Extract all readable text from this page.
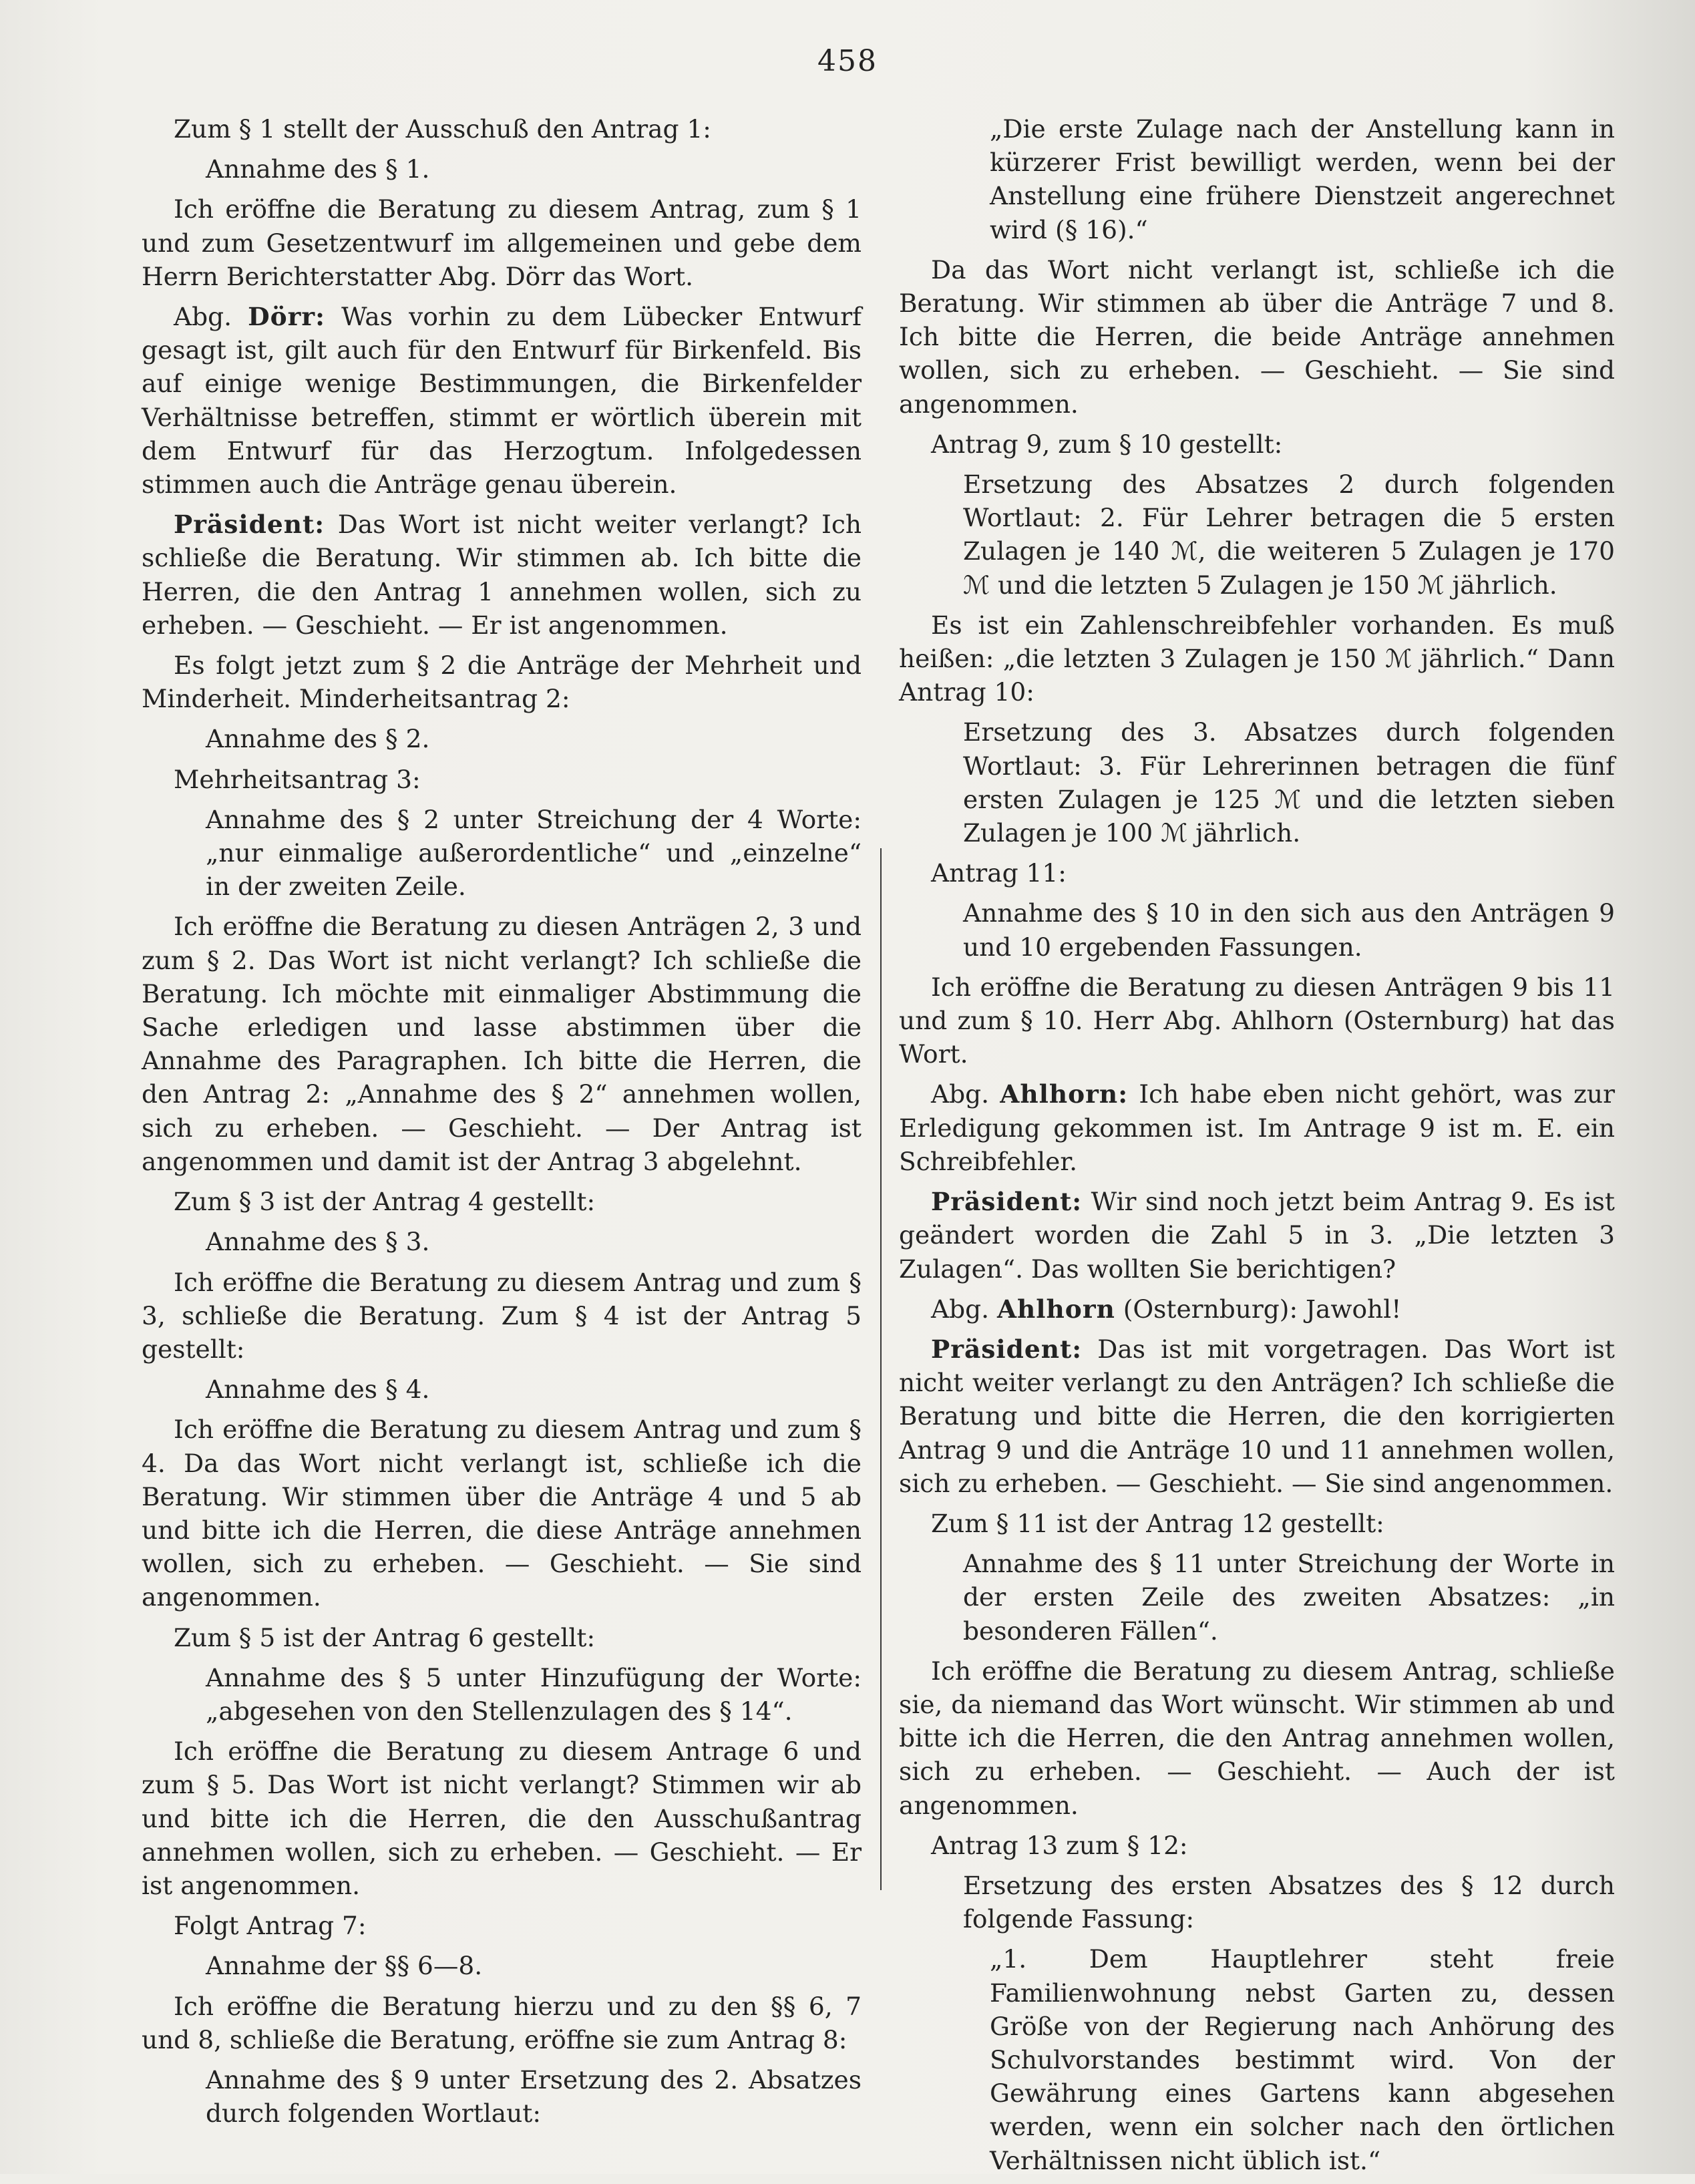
458

Zum § 1 stellt der Ausschuß den Antrag 1:

Annahme des § 1.

Ich eröffne die Beratung zu diesem Antrag, zum § 1 und zum Gesetzentwurf im allgemeinen und gebe dem Herrn Berichterstatter Abg. Dörr das Wort.

Abg. Dörr: Was vorhin zu dem Lübecker Entwurf gesagt ist, gilt auch für den Entwurf für Birkenfeld. Bis auf einige wenige Bestimmungen, die Birkenfelder Verhältnisse betreffen, stimmt er wörtlich überein mit dem Entwurf für das Herzogtum. Infolgedessen stimmen auch die Anträge genau überein.

Präsident: Das Wort ist nicht weiter verlangt? Ich schließe die Beratung. Wir stimmen ab. Ich bitte die Herren, die den Antrag 1 annehmen wollen, sich zu erheben. — Geschieht. — Er ist angenommen.

Es folgt jetzt zum § 2 die Anträge der Mehrheit und Minderheit. Minderheitsantrag 2:

Annahme des § 2.

Mehrheitsantrag 3:

Annahme des § 2 unter Streichung der 4 Worte: „nur einmalige außerordentliche“ und „einzelne“ in der zweiten Zeile.

Ich eröffne die Beratung zu diesen Anträgen 2, 3 und zum § 2. Das Wort ist nicht verlangt? Ich schließe die Beratung. Ich möchte mit einmaliger Abstimmung die Sache erledigen und lasse abstimmen über die Annahme des Paragraphen. Ich bitte die Herren, die den Antrag 2: „Annahme des § 2“ annehmen wollen, sich zu erheben. — Geschieht. — Der Antrag ist angenommen und damit ist der Antrag 3 abgelehnt.

Zum § 3 ist der Antrag 4 gestellt:

Annahme des § 3.

Ich eröffne die Beratung zu diesem Antrag und zum § 3, schließe die Beratung. Zum § 4 ist der Antrag 5 gestellt:

Annahme des § 4.

Ich eröffne die Beratung zu diesem Antrag und zum § 4. Da das Wort nicht verlangt ist, schließe ich die Beratung. Wir stimmen über die Anträge 4 und 5 ab und bitte ich die Herren, die diese Anträge annehmen wollen, sich zu erheben. — Geschieht. — Sie sind angenommen.

Zum § 5 ist der Antrag 6 gestellt:

Annahme des § 5 unter Hinzufügung der Worte: „abgesehen von den Stellenzulagen des § 14“.

Ich eröffne die Beratung zu diesem Antrage 6 und zum § 5. Das Wort ist nicht verlangt? Stimmen wir ab und bitte ich die Herren, die den Ausschußantrag annehmen wollen, sich zu erheben. — Geschieht. — Er ist angenommen.

Folgt Antrag 7:

Annahme der §§ 6—8.

Ich eröffne die Beratung hierzu und zu den §§ 6, 7 und 8, schließe die Beratung, eröffne sie zum Antrag 8:

Annahme des § 9 unter Ersetzung des 2. Absatzes durch folgenden Wortlaut:

„Die erste Zulage nach der Anstellung kann in kürzerer Frist bewilligt werden, wenn bei der Anstellung eine frühere Dienstzeit angerechnet wird (§ 16).“

Da das Wort nicht verlangt ist, schließe ich die Beratung. Wir stimmen ab über die Anträge 7 und 8. Ich bitte die Herren, die beide Anträge annehmen wollen, sich zu erheben. — Geschieht. — Sie sind angenommen.

Antrag 9, zum § 10 gestellt:

Ersetzung des Absatzes 2 durch folgenden Wortlaut: 2. Für Lehrer betragen die 5 ersten Zulagen je 140 ℳ, die weiteren 5 Zulagen je 170 ℳ und die letzten 5 Zulagen je 150 ℳ jährlich.

Es ist ein Zahlenschreibfehler vorhanden. Es muß heißen: „die letzten 3 Zulagen je 150 ℳ jährlich.“ Dann Antrag 10:

Ersetzung des 3. Absatzes durch folgenden Wortlaut: 3. Für Lehrerinnen betragen die fünf ersten Zulagen je 125 ℳ und die letzten sieben Zulagen je 100 ℳ jährlich.

Antrag 11:

Annahme des § 10 in den sich aus den Anträgen 9 und 10 ergebenden Fassungen.

Ich eröffne die Beratung zu diesen Anträgen 9 bis 11 und zum § 10. Herr Abg. Ahlhorn (Osternburg) hat das Wort.

Abg. Ahlhorn: Ich habe eben nicht gehört, was zur Erledigung gekommen ist. Im Antrage 9 ist m. E. ein Schreibfehler.

Präsident: Wir sind noch jetzt beim Antrag 9. Es ist geändert worden die Zahl 5 in 3. „Die letzten 3 Zulagen“. Das wollten Sie berichtigen?

Abg. Ahlhorn (Osternburg): Jawohl!

Präsident: Das ist mit vorgetragen. Das Wort ist nicht weiter verlangt zu den Anträgen? Ich schließe die Beratung und bitte die Herren, die den korrigierten Antrag 9 und die Anträge 10 und 11 annehmen wollen, sich zu erheben. — Geschieht. — Sie sind angenommen.

Zum § 11 ist der Antrag 12 gestellt:

Annahme des § 11 unter Streichung der Worte in der ersten Zeile des zweiten Absatzes: „in besonderen Fällen“.

Ich eröffne die Beratung zu diesem Antrag, schließe sie, da niemand das Wort wünscht. Wir stimmen ab und bitte ich die Herren, die den Antrag annehmen wollen, sich zu erheben. — Geschieht. — Auch der ist angenommen.

Antrag 13 zum § 12:

Ersetzung des ersten Absatzes des § 12 durch folgende Fassung:

„1. Dem Hauptlehrer steht freie Familienwohnung nebst Garten zu, dessen Größe von der Regierung nach Anhörung des Schulvorstandes bestimmt wird. Von der Gewährung eines Gartens kann abgesehen werden, wenn ein solcher nach den örtlichen Verhältnissen nicht üblich ist.“
